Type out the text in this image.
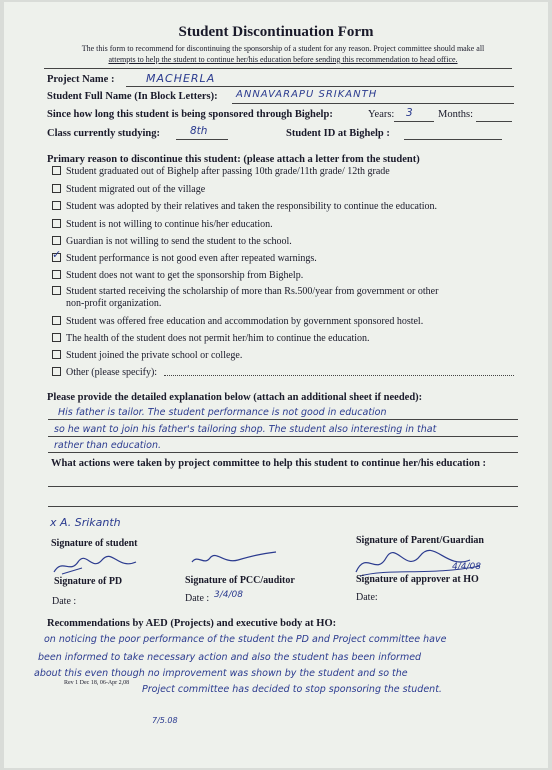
Student Discontinuation Form
The this form to recommend for discontinuing the sponsorship of a student for any reason. Project committee should make all
attempts to help the student to continue her/his education before sending this recommendation to head office.
Project Name :	MACHERLA
Student Full Name (In Block Letters): ANNAVARAPU SRIKANTH
Since how long this student is being sponsored through Bighelp:	Years: 3 Months:
Class currently studying:	8th	Student ID at Bighelp :
Primary reason to discontinue this student: (please attach a letter from the student)
Student graduated out of Bighelp after passing 10th grade/11th grade/ 12th grade
Student migrated out of the village
Student was adopted by their relatives and taken the responsibility to continue the education.
Student is not willing to continue his/her education.
Guardian is not willing to send the student to the school.
✓ Student performance is not good even after repeated warnings.
Student does not want to get the sponsorship from Bighelp.
Student started receiving the scholarship of more than Rs.500/year from government or other
non-profit organization.
Student was offered free education and accommodation by government sponsored hostel.
The health of the student does not permit her/him to continue the education.
Student joined the private school or college.
Other (please specify):
Please provide the detailed explanation below (attach an additional sheet if needed):
His father is tailor. The student performance is not good in education
so he want to join his father's tailoring shop. The student also interesting in that
rather than education.
What actions were taken by project committee to help this student to continue her/his education :
x A. Srikanth
Signature of student	Signature of Parent/Guardian
Signature of PD	Signature of PCC/auditor	Signature of approver at HO
Date :	Date : 3/4/08	Date:
4/4/08
Recommendations by AED (Projects) and executive body at HO:
on noticing the poor performance of the student the PD and Project committee have
been informed to take necessary action and also the student has been informed
about this even though no improvement was shown by the student and so the
Rev 1 Dec 18, 06-Apr 2,08
Project committee has decided to stop sponsoring the student.
7/5.08
